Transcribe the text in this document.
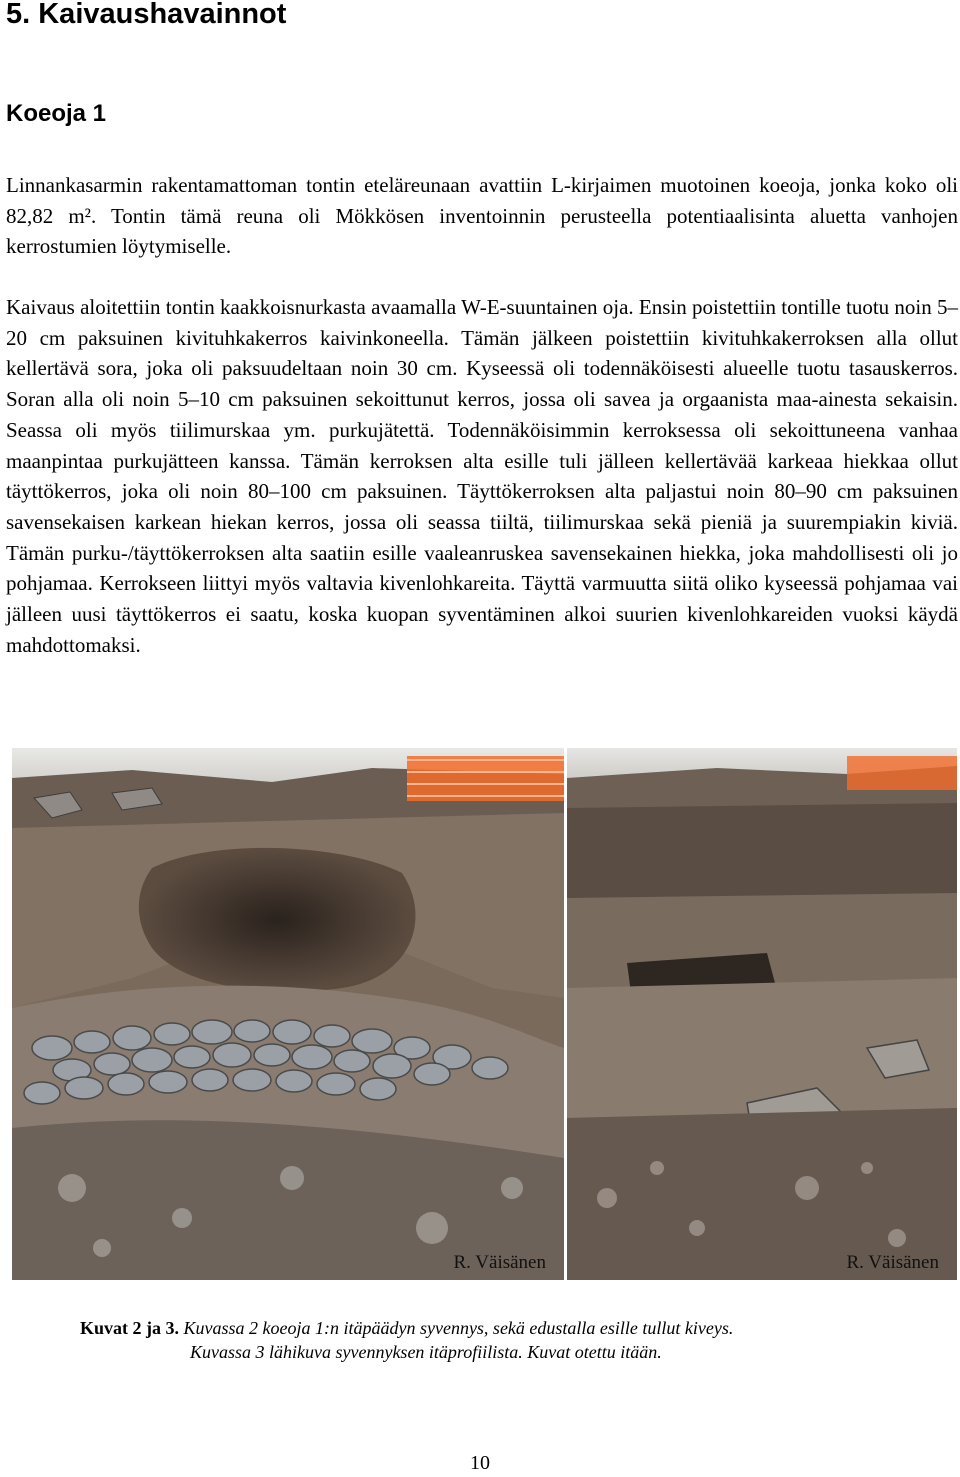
5. Kaivaushavainnot
Koeoja 1

Linnankasarmin rakentamattoman tontin eteläreunaan avattiin L-kirjaimen muotoinen koeoja, jonka koko oli 82,82 m². Tontin tämä reuna oli Mökkösen inventoinnin perusteella potentiaalisinta aluetta vanhojen kerrostumien löytymiselle.

Kaivaus aloitettiin tontin kaakkoisnurkasta avaamalla W-E-suuntainen oja. Ensin poistettiin tontille tuotu noin 5–20 cm paksuinen kivituhkakerros kaivinkoneella. Tämän jälkeen poistettiin kivituhkakerroksen alla ollut kellertävä sora, joka oli paksuudeltaan noin 30 cm. Kyseessä oli todennäköisesti alueelle tuotu tasauskerros. Soran alla oli noin 5–10 cm paksuinen sekoittunut kerros, jossa oli savea ja orgaanista maa-ainesta sekaisin. Seassa oli myös tiilimurskaa ym. purkujätettä. Todennäköisimmin kerroksessa oli sekoittuneena vanhaa maanpintaa purkujätteen kanssa. Tämän kerroksen alta esille tuli jälleen kellertävää karkeaa hiekkaa ollut täyttökerros, joka oli noin 80–100 cm paksuinen. Täyttökerroksen alta paljastui noin 80–90 cm paksuinen savensekaisen karkean hiekan kerros, jossa oli seassa tiiltä, tiilimurskaa sekä pieniä ja suurempiakin kiviä. Tämän purku-/täyttökerroksen alta saatiin esille vaaleanruskea savensekainen hiekka, joka mahdollisesti oli jo pohjamaa. Kerrokseen liittyi myös valtavia kivenlohkareita. Täyttä varmuutta siitä oliko kyseessä pohjamaa vai jälleen uusi täyttökerros ei saatu, koska kuopan syventäminen alkoi suurien kivenlohkareiden vuoksi käydä mahdottomaksi.

R. Väisänen	R. Väisänen

Kuvat 2 ja 3. Kuvassa 2 koeoja 1:n itäpäädyn syvennys, sekä edustalla esille tullut kiveys.
Kuvassa 3 lähikuva syvennyksen itäprofiilista. Kuvat otettu itään.

10
